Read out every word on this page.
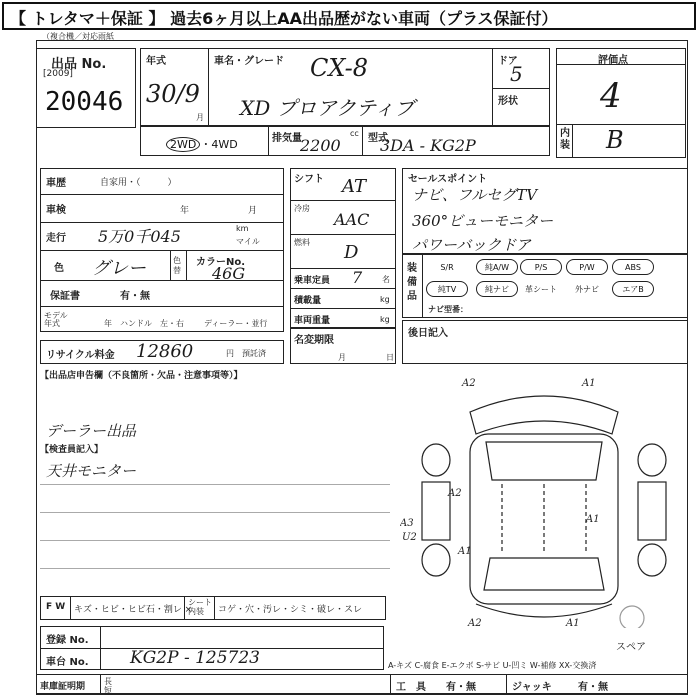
【 トレタマ＋保証 】 過去6ヶ月以上AA出品歴がない車両（プラス保証付）
（複合機／対応雨紙
出品 No.
[2009]
20046
年式
30/9
月
車名・グレード CX-8
XD プロアクティブ
ドア
5
形状
2WD ・4WD	排気量	cc
2200	型式
3DA - KG2P
評価点
4
内装 B
車歴	自家用・（　　　）
車検	年	月
走行 5万0千045	km
マイル
色 グレー	色替
カラーNo.
46G
保証書	有・無
モデル年式	年 ハンドル　左・右	ディーラー・並行
リサイクル料金 12860	円　預託済
シフト AT
冷房
AAC
燃料 D
乗車定員 7 名
積載量	kg
車両重量	kg
名変期限
月	日
セールスポイント
ナビ、フルセグTV
360°ビューモニター
パワーバックドア
装備品
S/R	純A/W	P/S	P/W	ABS
純TV	純ナビ	革シート	外ナビ	エアB
ナビ型番：
後日記入
【出品店申告欄（不良箇所・欠品・注意事項等）】
デーラー出品
【検査員記入】
天井モニター
A2	A1
A2
A1
A3
U2
A1
A2	A1
スペア
F W キズ・ヒビ・ヒビ石・割レ ×
シート内装	コゲ・穴・汚レ・シミ・破レ・スレ
登録 No.
車台 No. KG2P - 125723	A-キズ C-腐食 E-エクボ S-サビ U-凹ミ W-補修 XX-交換済
車庫証明期
長
短	工　具 有・無	ジャッキ	有・無
